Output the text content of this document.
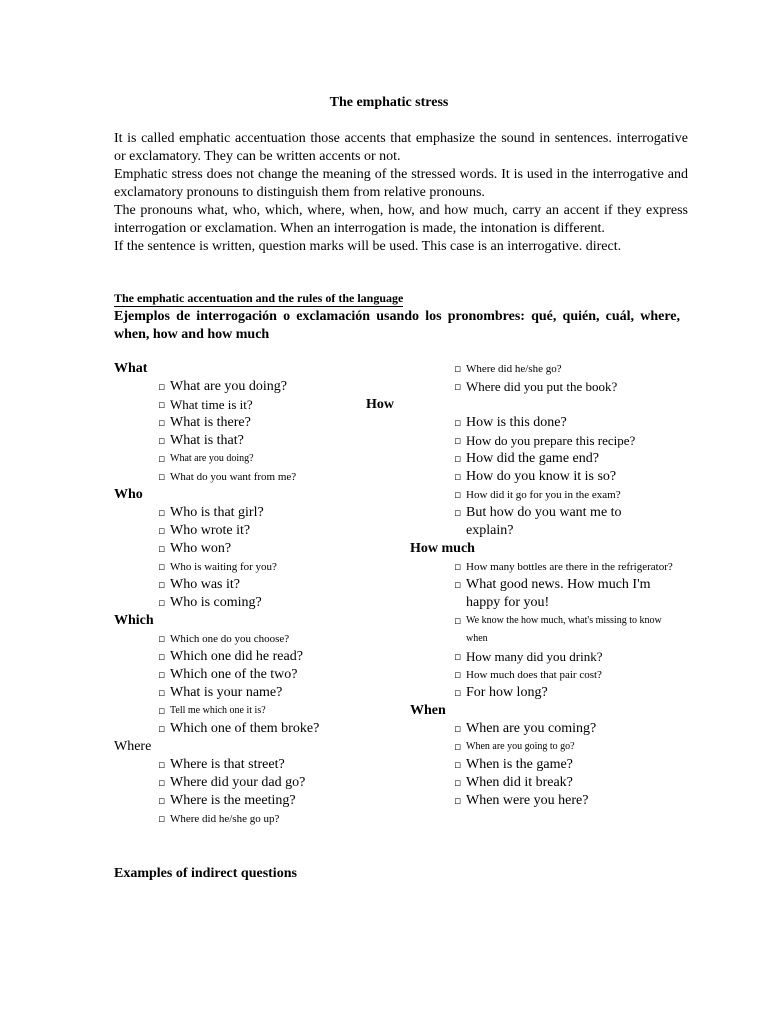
The emphatic stress

It is called emphatic accentuation those accents that emphasize the sound in sentences. interrogative or exclamatory. They can be written accents or not.

Emphatic stress does not change the meaning of the stressed words. It is used in the interrogative and exclamatory pronouns to distinguish them from relative pronouns.

The pronouns what, who, which, where, when, how, and how much, carry an accent if they express interrogation or exclamation. When an interrogation is made, the intonation is different.

If the sentence is written, question marks will be used. This case is an interrogative. direct.

The emphatic accentuation and the rules of the language
Ejemplos de interrogación o exclamación usando los pronombres: qué, quién, cuál, where, when, how and how much
What
▫ What are you doing?
▫ What time is it?
▫ What is there?
▫ What is that?
▫ What are you doing?
▫ What do you want from me?
Who
▫ Who is that girl?
▫ Who wrote it?
▫ Who won?
▫ Who is waiting for you?
▫ Who was it?
▫ Who is coming?
Which
▫ Which one do you choose?
▫ Which one did he read?
▫ Which one of the two?
▫ What is your name?
▫ Tell me which one it is?
▫ Which one of them broke?
Where
▫ Where is that street?
▫ Where did your dad go?
▫ Where is the meeting?
▫ Where did he/she go up?
▫ Where did he/she go?
▫ Where did you put the book?
How
▫ How is this done?
▫ How do you prepare this recipe?
▫ How did the game end?
▫ How do you know it is so?
▫ How did it go for you in the exam?
▫ But how do you want me to explain?
How much
▫ How many bottles are there in the refrigerator?
▫ What good news. How much I'm happy for you!
▫ We know the how much, what's missing to know when
▫ How many did you drink?
▫ How much does that pair cost?
▫ For how long?
When
▫ When are you coming?
▫ When are you going to go?
▫ When is the game?
▫ When did it break?
▫ When were you here?
Examples of indirect questions
